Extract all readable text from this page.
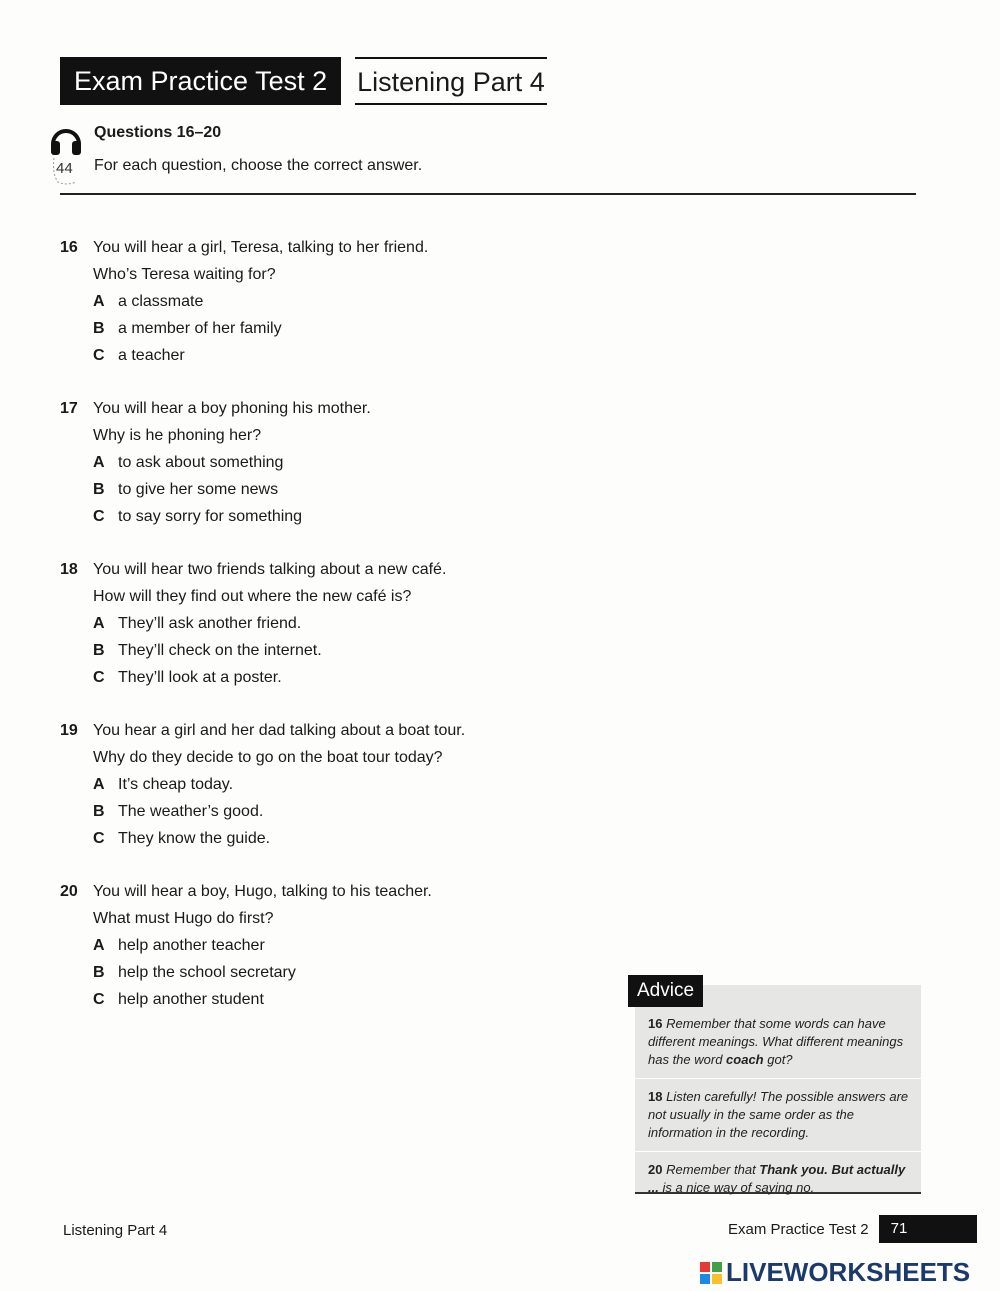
Exam Practice Test 2	Listening Part 4
44
Questions 16–20
For each question, choose the correct answer.
16 You will hear a girl, Teresa, talking to her friend.
Who’s Teresa waiting for?
A a classmate
B a member of her family
C a teacher
17 You will hear a boy phoning his mother.
Why is he phoning her?
A to ask about something
B to give her some news
C to say sorry for something
18 You will hear two friends talking about a new café.
How will they find out where the new café is?
A They’ll ask another friend.
B They’ll check on the internet.
C They’ll look at a poster.
19 You hear a girl and her dad talking about a boat tour.
Why do they decide to go on the boat tour today?
A It’s cheap today.
B The weather’s good.
C They know the guide.
20 You will hear a boy, Hugo, talking to his teacher.
What must Hugo do first?
A help another teacher
B help the school secretary
C help another student	Advice
16 Remember that some words can have different meanings. What different meanings has the word coach got?
18 Listen carefully! The possible answers are not usually in the same order as the information in the recording.
20 Remember that Thank you. But actually ... is a nice way of saying no.
Listening Part 4	Exam Practice Test 2	71
LIVEWORKSHEETS
